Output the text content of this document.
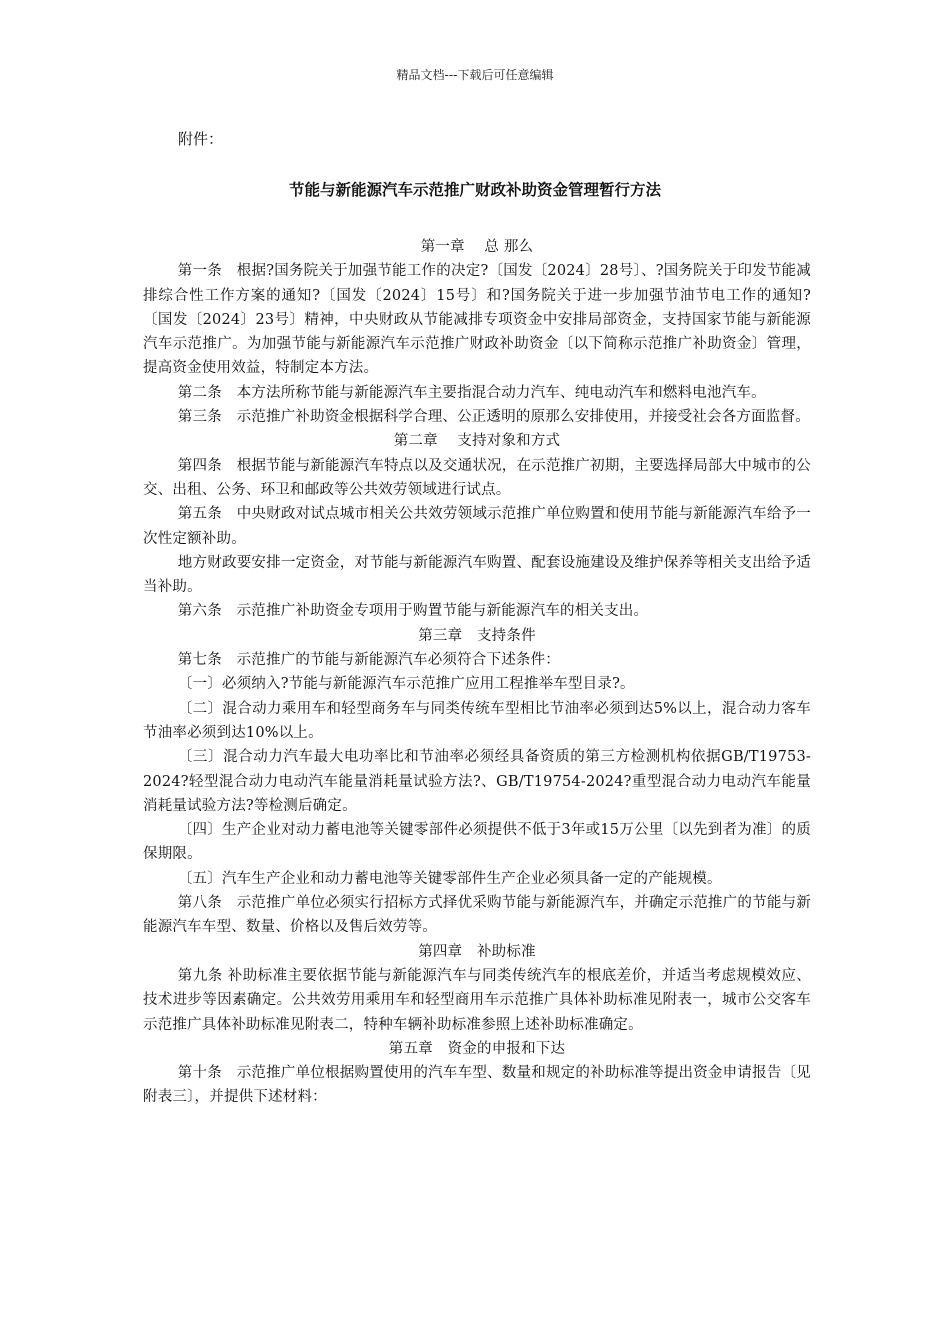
精品文档---下载后可任意编辑
附件：
节能与新能源汽车示范推广财政补助资金管理暂行方法

第一章　 总 那么

第一条　根据?国务院关于加强节能工作的决定?〔国发〔2024〕28号〕、?国务院关于印发节能减排综合性工作方案的通知?〔国发〔2024〕15号〕和?国务院关于进一步加强节油节电工作的通知?〔国发〔2024〕23号〕精神，中央财政从节能减排专项资金中安排局部资金，支持国家节能与新能源汽车示范推广。为加强节能与新能源汽车示范推广财政补助资金〔以下简称示范推广补助资金〕管理，提高资金使用效益，特制定本方法。

第二条　本方法所称节能与新能源汽车主要指混合动力汽车、纯电动汽车和燃料电池汽车。

第三条　示范推广补助资金根据科学合理、公正透明的原那么安排使用，并接受社会各方面监督。

第二章　 支持对象和方式

第四条　根据节能与新能源汽车特点以及交通状况，在示范推广初期，主要选择局部大中城市的公交、出租、公务、环卫和邮政等公共效劳领域进行试点。

第五条　中央财政对试点城市相关公共效劳领域示范推广单位购置和使用节能与新能源汽车给予一次性定额补助。

地方财政要安排一定资金，对节能与新能源汽车购置、配套设施建设及维护保养等相关支出给予适当补助。

第六条　示范推广补助资金专项用于购置节能与新能源汽车的相关支出。

第三章　支持条件

第七条　示范推广的节能与新能源汽车必须符合下述条件：

〔一〕必须纳入?节能与新能源汽车示范推广应用工程推举车型目录?。

〔二〕混合动力乘用车和轻型商务车与同类传统车型相比节油率必须到达5%以上，混合动力客车节油率必须到达10%以上。

〔三〕混合动力汽车最大电功率比和节油率必须经具备资质的第三方检测机构依据GB/T19753-2024?轻型混合动力电动汽车能量消耗量试验方法?、GB/T19754-2024?重型混合动力电动汽车能量消耗量试验方法?等检测后确定。

〔四〕生产企业对动力蓄电池等关键零部件必须提供不低于3年或15万公里〔以先到者为准〕的质保期限。

〔五〕汽车生产企业和动力蓄电池等关键零部件生产企业必须具备一定的产能规模。

第八条　示范推广单位必须实行招标方式择优采购节能与新能源汽车，并确定示范推广的节能与新能源汽车车型、数量、价格以及售后效劳等。

第四章　补助标准

第九条 补助标准主要依据节能与新能源汽车与同类传统汽车的根底差价，并适当考虑规模效应、技术进步等因素确定。公共效劳用乘用车和轻型商用车示范推广具体补助标准见附表一，城市公交客车示范推广具体补助标准见附表二，特种车辆补助标准参照上述补助标准确定。

第五章　资金的申报和下达

第十条　示范推广单位根据购置使用的汽车车型、数量和规定的补助标准等提出资金申请报告〔见附表三〕，并提供下述材料：
